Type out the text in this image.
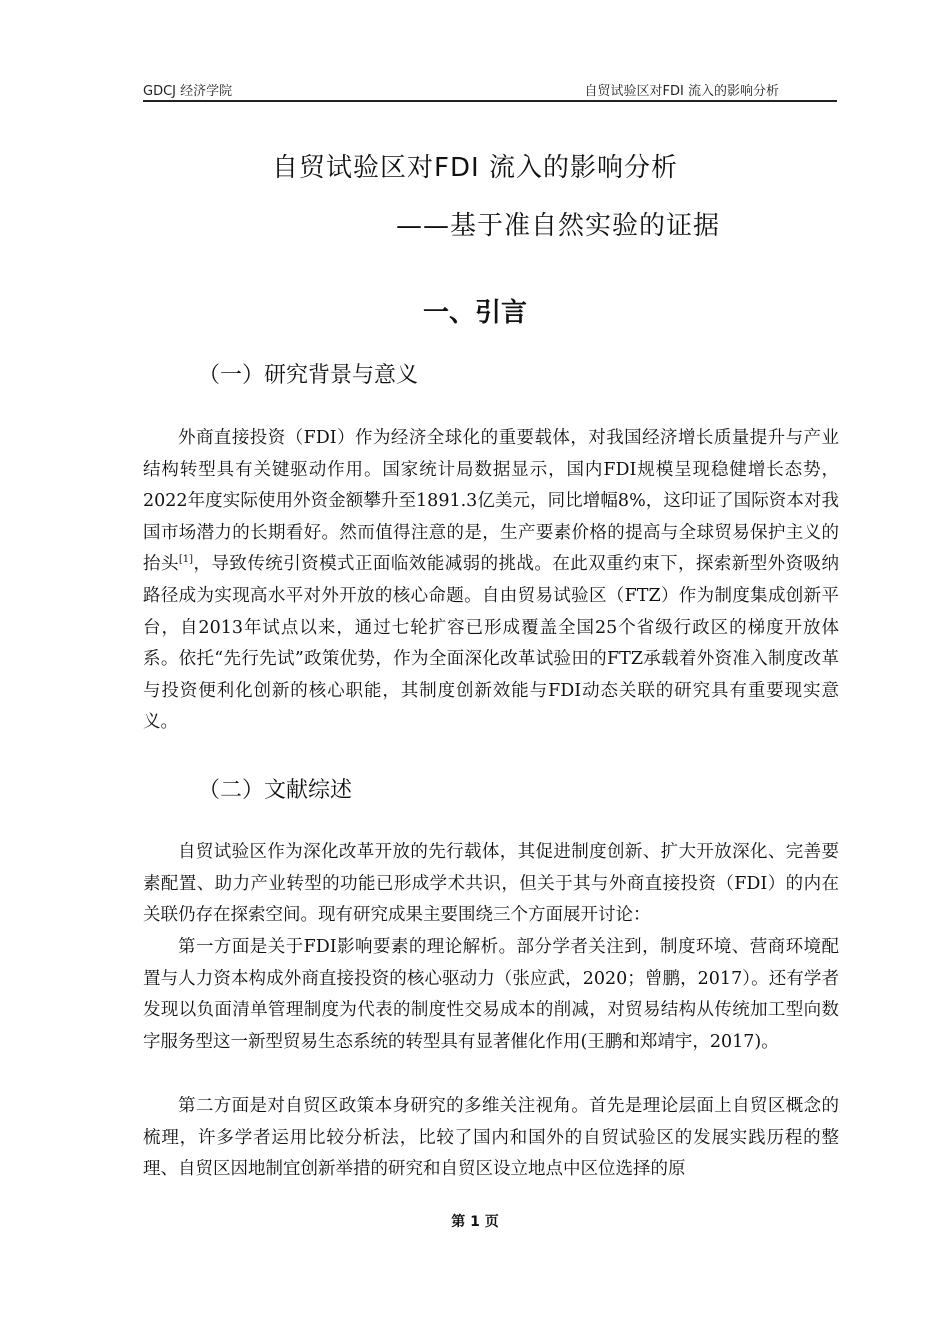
GDCJ 经济学院	自贸试验区对FDI 流入的影响分析
自贸试验区对FDI 流入的影响分析
——基于准自然实验的证据
一、引言
（一）研究背景与意义

外商直接投资（FDI）作为经济全球化的重要载体，对我国经济增长质量提升与产业结构转型具有关键驱动作用。国家统计局数据显示，国内FDI规模呈现稳健增长态势，2022年度实际使用外资金额攀升至1891.3亿美元，同比增幅8%，这印证了国际资本对我国市场潜力的长期看好。然而值得注意的是，生产要素价格的提高与全球贸易保护主义的抬头[1]，导致传统引资模式正面临效能减弱的挑战。在此双重约束下，探索新型外资吸纳路径成为实现高水平对外开放的核心命题。自由贸易试验区（FTZ）作为制度集成创新平台，自2013年试点以来，通过七轮扩容已形成覆盖全国25个省级行政区的梯度开放体系。依托“先行先试”政策优势，作为全面深化改革试验田的FTZ承载着外资准入制度改革与投资便利化创新的核心职能，其制度创新效能与FDI动态关联的研究具有重要现实意义。

（二）文献综述

自贸试验区作为深化改革开放的先行载体，其促进制度创新、扩大开放深化、完善要素配置、助力产业转型的功能已形成学术共识，但关于其与外商直接投资（FDI）的内在关联仍存在探索空间。现有研究成果主要围绕三个方面展开讨论：

第一方面是关于FDI影响要素的理论解析。部分学者关注到，制度环境、营商环境配置与人力资本构成外商直接投资的核心驱动力（张应武，2020；曾鹏，2017）。还有学者发现以负面清单管理制度为代表的制度性交易成本的削减，对贸易结构从传统加工型向数字服务型这一新型贸易生态系统的转型具有显著催化作用(王鹏和郑靖宇，2017)。

第二方面是对自贸区政策本身研究的多维关注视角。首先是理论层面上自贸区概念的梳理，许多学者运用比较分析法，比较了国内和国外的自贸试验区的发展实践历程的整理、自贸区因地制宜创新举措的研究和自贸区设立地点中区位选择的原

第 1 页
